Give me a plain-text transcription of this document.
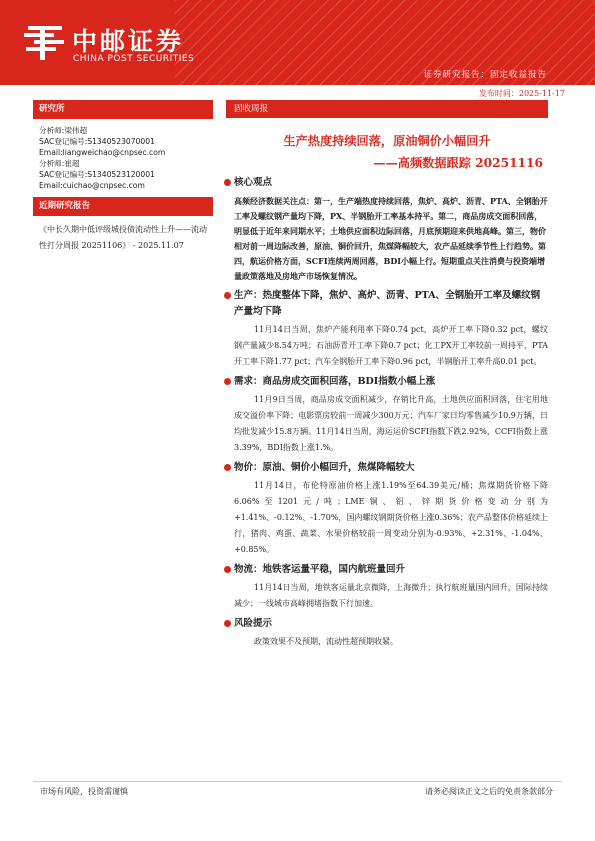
中邮证券
CHINA POST SECURITIES
证券研究报告：固定收益报告
发布时间：2025-11-17
研究所
分析师:梁伟超
SAC登记编号:S1340523070001
Email:liangweichao@cnpsec.com
分析师:崔超
SAC登记编号:S1340523120001
Email:cuichao@cnpsec.com
近期研究报告
《中长久期中低评级城投债流动性上升——流动性打分周报 20251106》 - 2025.11.07
固收周报
生产热度持续回落，原油铜价小幅回升
——高频数据跟踪 20251116
核心观点
高频经济数据关注点：第一，生产端热度持续回落，焦炉、高炉、沥青、PTA、全钢胎开工率及螺纹钢产量均下降，PX、半钢胎开工率基本持平。第二，商品房成交面积回落，明显低于近年来同期水平；土地供应面积边际回落，月底预期迎来供地高峰。第三，物价相对前一周边际改善，原油、铜价回升，焦煤降幅较大，农产品延续季节性上行趋势。第四，航运价格方面，SCFI连续两周回落，BDI小幅上行。短期重点关注消费与投资端增量政策落地及房地产市场恢复情况。
生产：热度整体下降，焦炉、高炉、沥青、PTA、全钢胎开工率及螺纹钢产量均下降
11月14日当周，焦炉产能利用率下降0.74 pct，高炉开工率下降0.32 pct，螺纹钢产量减少8.54万吨；石油沥青开工率下降0.7 pct；化工PX开工率较前一周持平，PTA开工率下降1.77 pct；汽车全钢胎开工率下降0.96 pct，半钢胎开工率升高0.01 pct。
需求：商品房成交面积回落，BDI指数小幅上涨
11月9日当周，商品房成交面积减少，存销比升高，土地供应面积回落，住宅用地成交溢价率下降；电影票房较前一周减少300万元；汽车厂家日均零售减少10.9万辆，日均批发减少15.8万辆。11月14日当周，海运运价SCFI指数下跌2.92%，CCFI指数上涨3.39%，BDI指数上涨1.%。
物价：原油、铜价小幅回升，焦煤降幅较大
11月14日，布伦特原油价格上涨1.19%至64.39美元/桶；焦煤期货价格下降6.06%至1201元/吨；LME铜、铝、锌期货价格变动分别为+1.41%、-0.12%、-1.70%，国内螺纹钢期货价格上涨0.36%；农产品整体价格延续上行，猪肉、鸡蛋、蔬菜、水果价格较前一周变动分别为-0.93%、+2.31%、-1.04%、+0.85%。
物流：地铁客运量平稳，国内航班量回升
11月14日当周，地铁客运量北京微降，上海微升；执行航班量国内回升，国际持续减少；一线城市高峰拥堵指数下行加速。
风险提示
政策效果不及预期，流动性超预期收紧。
市场有风险，投资需谨慎	请务必阅读正文之后的免责条款部分
